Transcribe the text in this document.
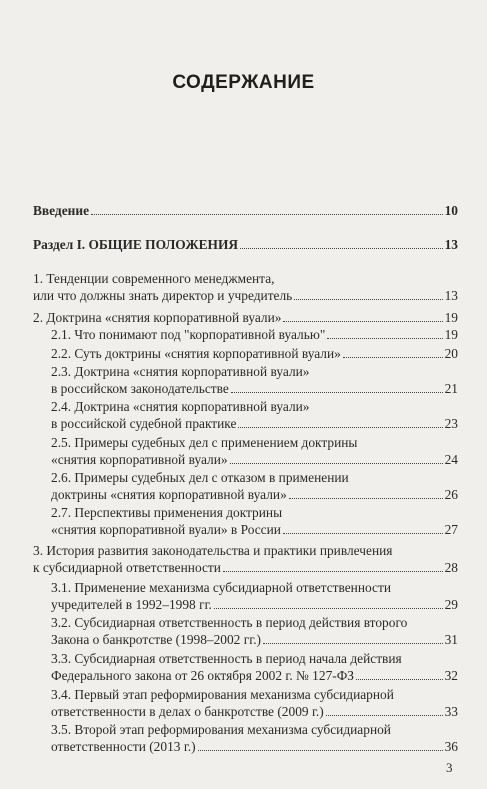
СОДЕРЖАНИЕ
Введение	10
Раздел I. ОБЩИЕ ПОЛОЖЕНИЯ	13
1. Тенденции современного менеджмента,
или что должны знать директор и учредитель	13
2. Доктрина «снятия корпоративной вуали»	19
2.1. Что понимают под "корпоративной вуалью"	19
2.2. Суть доктрины «снятия корпоративной вуали»	20
2.3. Доктрина «снятия корпоративной вуали»
в российском законодательстве	21
2.4. Доктрина «снятия корпоративной вуали»
в российской судебной практике	23
2.5. Примеры судебных дел с применением доктрины
«снятия корпоративной вуали»	24
2.6. Примеры судебных дел с отказом в применении
доктрины «снятия корпоративной вуали»	26
2.7. Перспективы применения доктрины
«снятия корпоративной вуали» в России	27
3. История развития законодательства и практики привлечения
к субсидиарной ответственности	28
3.1. Применение механизма субсидиарной ответственности
учредителей в 1992–1998 гг.	29
3.2. Субсидиарная ответственность в период действия второго
Закона о банкротстве (1998–2002 гг.)	31
3.3. Субсидиарная ответственность в период начала действия
Федерального закона от 26 октября 2002 г. № 127-ФЗ	32
3.4. Первый этап реформирования механизма субсидиарной
ответственности в делах о банкротстве (2009 г.)	33
3.5. Второй этап реформирования механизма субсидиарной
ответственности (2013 г.)	36
3
